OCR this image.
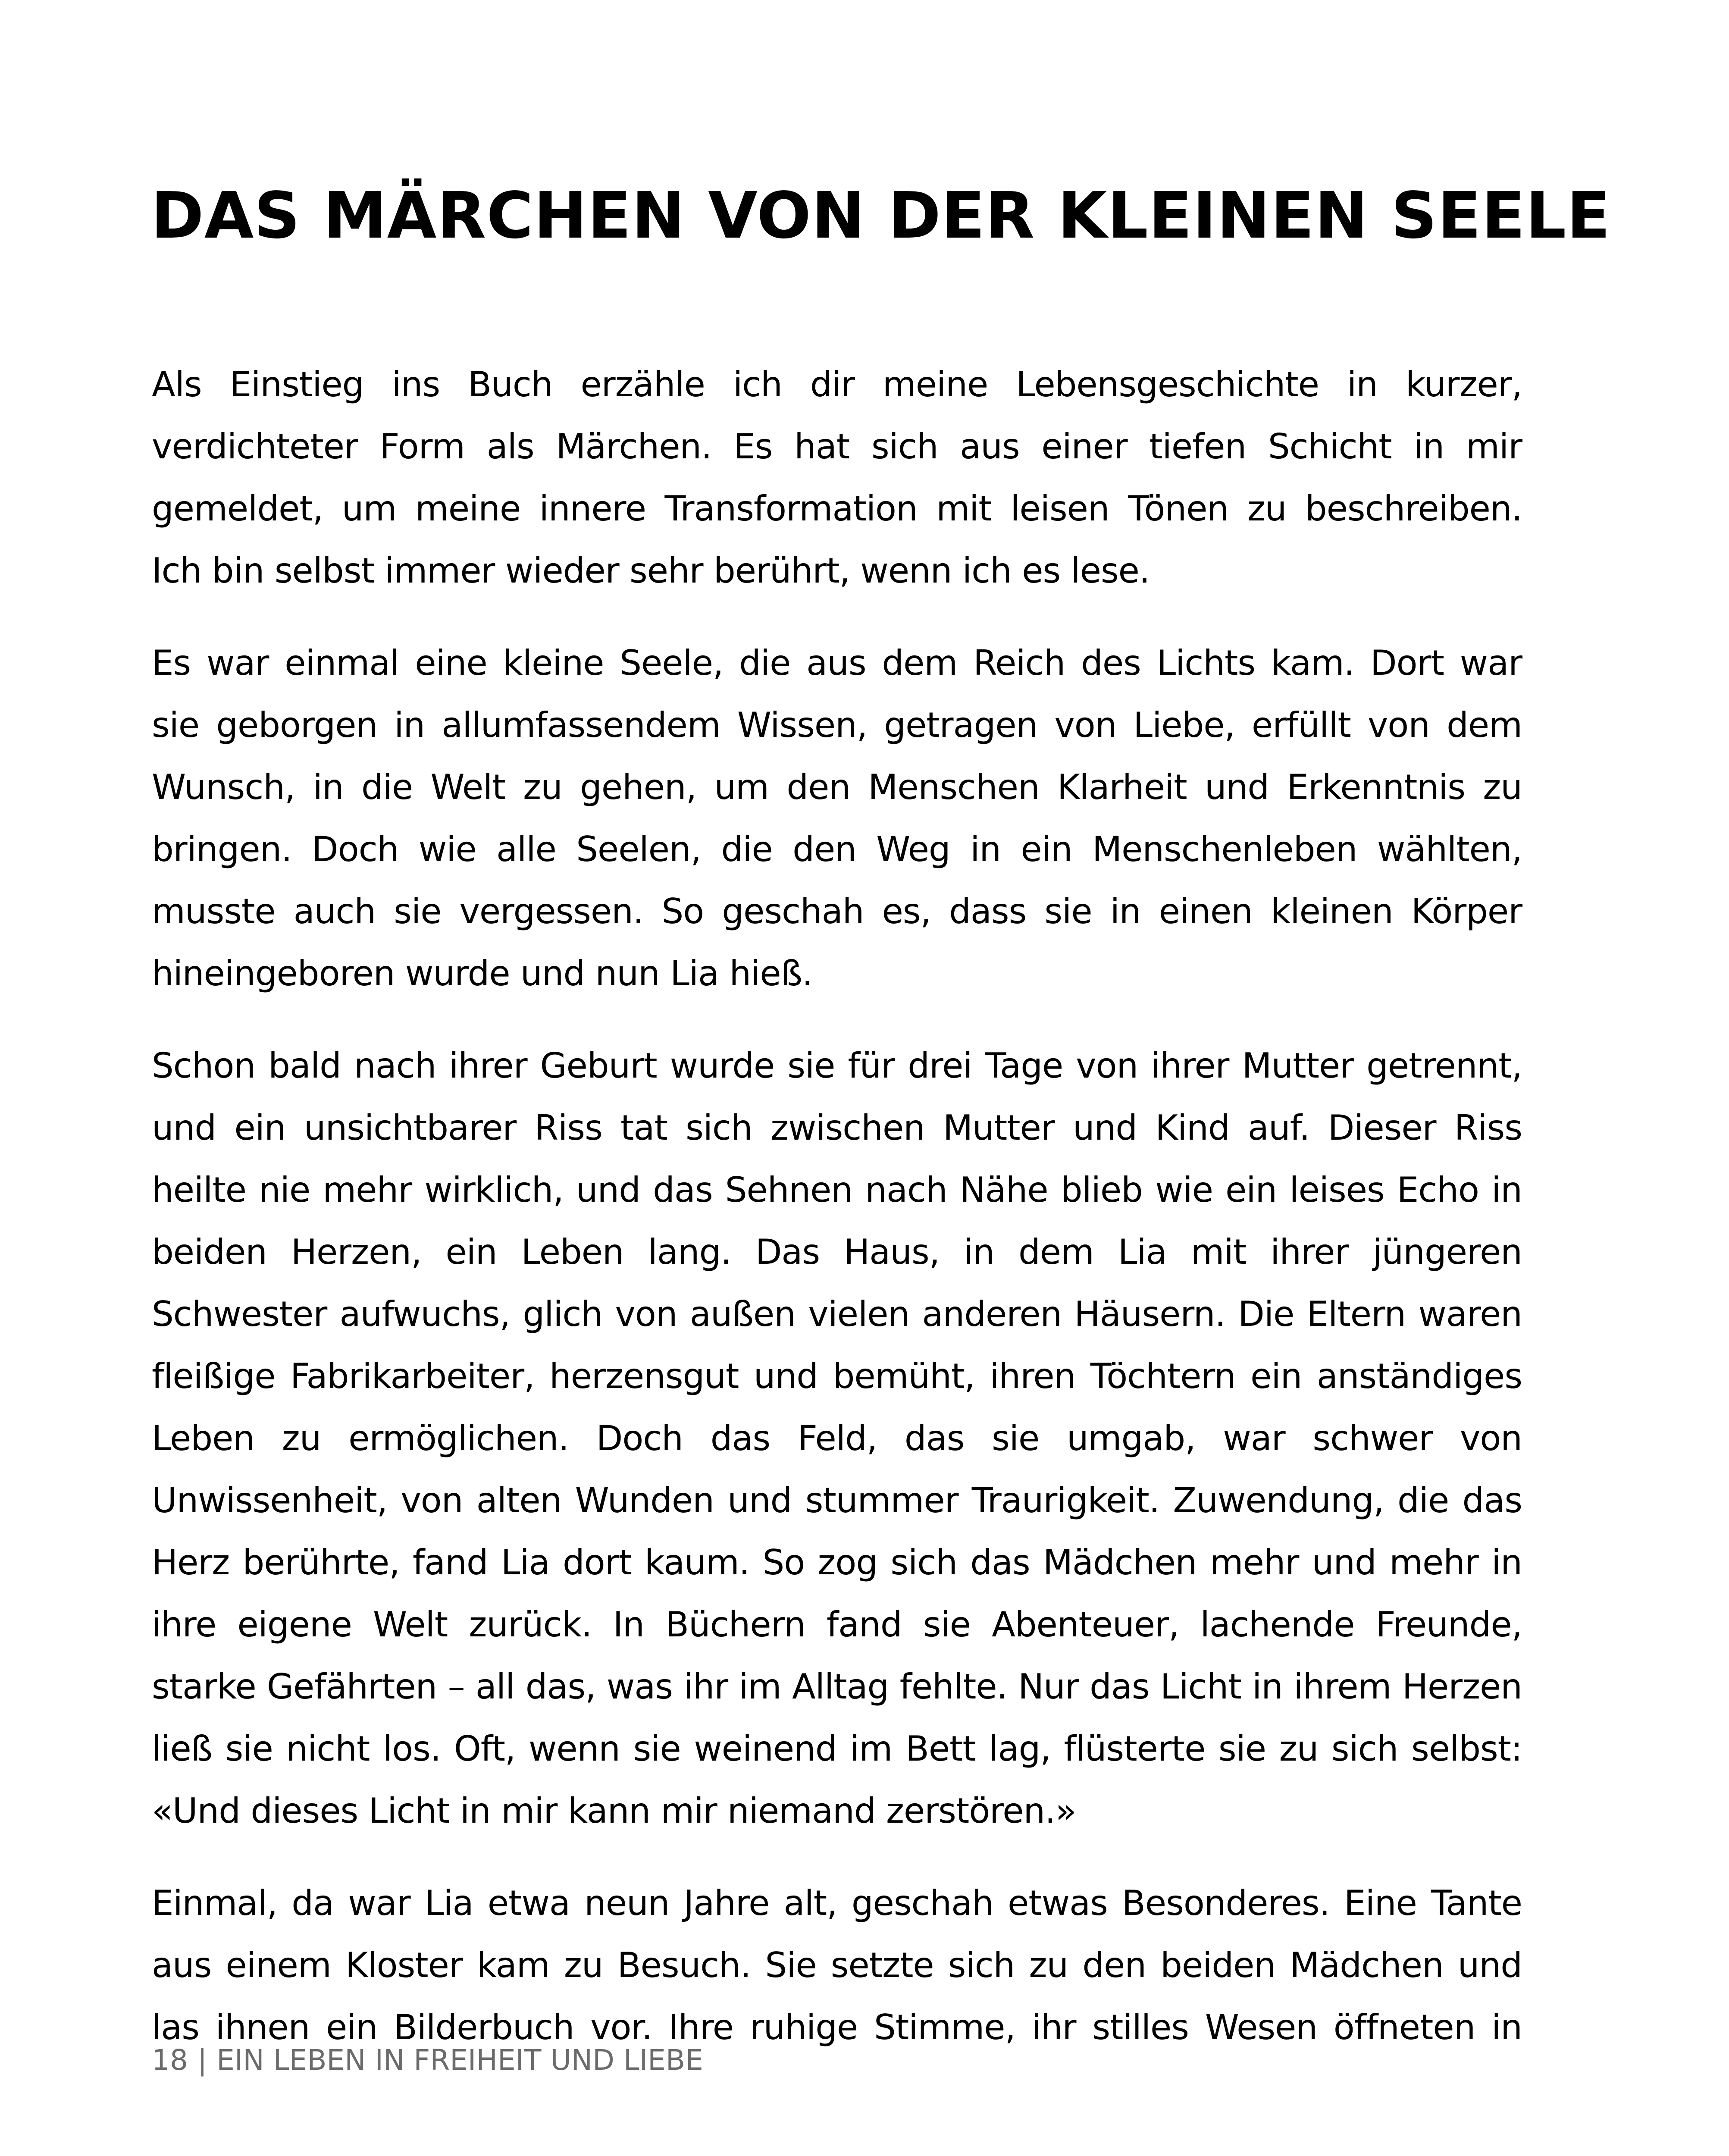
DAS MÄRCHEN VON DER KLEINEN SEELE

Als Einstieg ins Buch erzähle ich dir meine Lebensgeschichte in kurzer,
verdichteter Form als Märchen. Es hat sich aus einer tiefen Schicht in mir
gemeldet, um meine innere Transformation mit leisen Tönen zu beschreiben.
Ich bin selbst immer wieder sehr berührt, wenn ich es lese.

Es war einmal eine kleine Seele, die aus dem Reich des Lichts kam. Dort war
sie geborgen in allumfassendem Wissen, getragen von Liebe, erfüllt von dem
Wunsch, in die Welt zu gehen, um den Menschen Klarheit und Erkenntnis zu
bringen. Doch wie alle Seelen, die den Weg in ein Menschenleben wählten,
musste auch sie vergessen. So geschah es, dass sie in einen kleinen Körper
hineingeboren wurde und nun Lia hieß.

Schon bald nach ihrer Geburt wurde sie für drei Tage von ihrer Mutter getrennt,
und ein unsichtbarer Riss tat sich zwischen Mutter und Kind auf. Dieser Riss
heilte nie mehr wirklich, und das Sehnen nach Nähe blieb wie ein leises Echo in
beiden Herzen, ein Leben lang. Das Haus, in dem Lia mit ihrer jüngeren
Schwester aufwuchs, glich von außen vielen anderen Häusern. Die Eltern waren
fleißige Fabrikarbeiter, herzensgut und bemüht, ihren Töchtern ein anständiges
Leben zu ermöglichen. Doch das Feld, das sie umgab, war schwer von
Unwissenheit, von alten Wunden und stummer Traurigkeit. Zuwendung, die das
Herz berührte, fand Lia dort kaum. So zog sich das Mädchen mehr und mehr in
ihre eigene Welt zurück. In Büchern fand sie Abenteuer, lachende Freunde,
starke Gefährten – all das, was ihr im Alltag fehlte. Nur das Licht in ihrem Herzen
ließ sie nicht los. Oft, wenn sie weinend im Bett lag, flüsterte sie zu sich selbst:
«Und dieses Licht in mir kann mir niemand zerstören.»

Einmal, da war Lia etwa neun Jahre alt, geschah etwas Besonderes. Eine Tante
aus einem Kloster kam zu Besuch. Sie setzte sich zu den beiden Mädchen und
las ihnen ein Bilderbuch vor. Ihre ruhige Stimme, ihr stilles Wesen öffneten in

18 | EIN LEBEN IN FREIHEIT UND LIEBE
